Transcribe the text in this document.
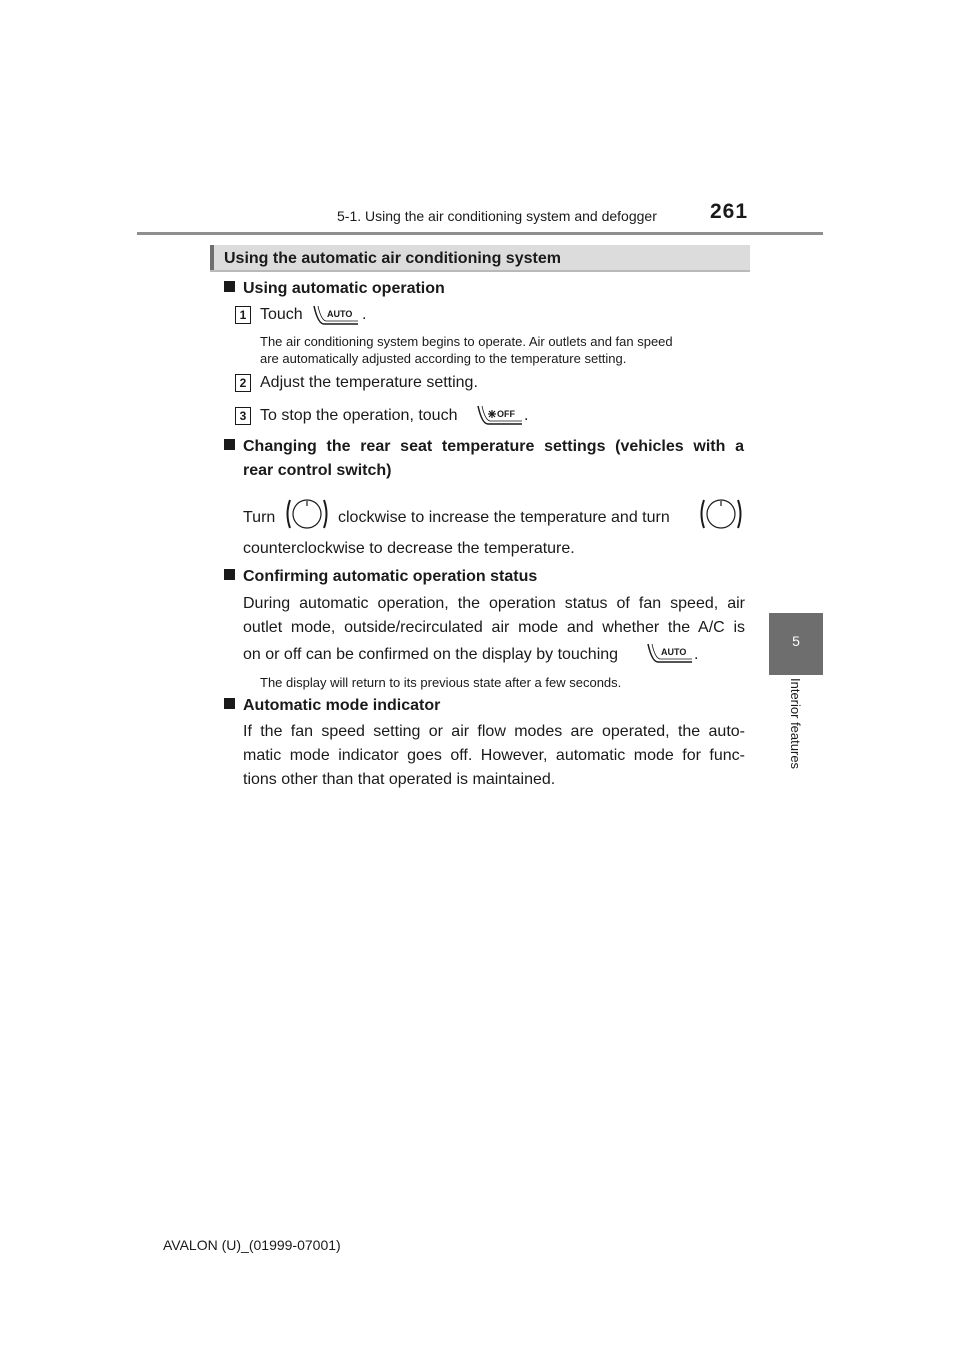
5-1. Using the air conditioning system and defogger	261
5
Interior features
Using the automatic air conditioning system
Using automatic operation
1 Touch	AUTO .
The air conditioning system begins to operate. Air outlets and fan speed
are automatically adjusted according to the temperature setting.
2 Adjust the temperature setting.
3 To stop the operation, touch	OFF .
Changing the rear seat temperature settings (vehicles with a
rear control switch)
Turn	clockwise to increase the temperature and turn
counterclockwise to decrease the temperature.
Confirming automatic operation status
During automatic operation, the operation status of fan speed, air
outlet mode, outside/recirculated air mode and whether the A/C is
on or off can be confirmed on the display by touching	AUTO .
The display will return to its previous state after a few seconds.
Automatic mode indicator
If the fan speed setting or air flow modes are operated, the auto-
matic mode indicator goes off. However, automatic mode for func-
tions other than that operated is maintained.
AVALON (U)_(01999-07001)
